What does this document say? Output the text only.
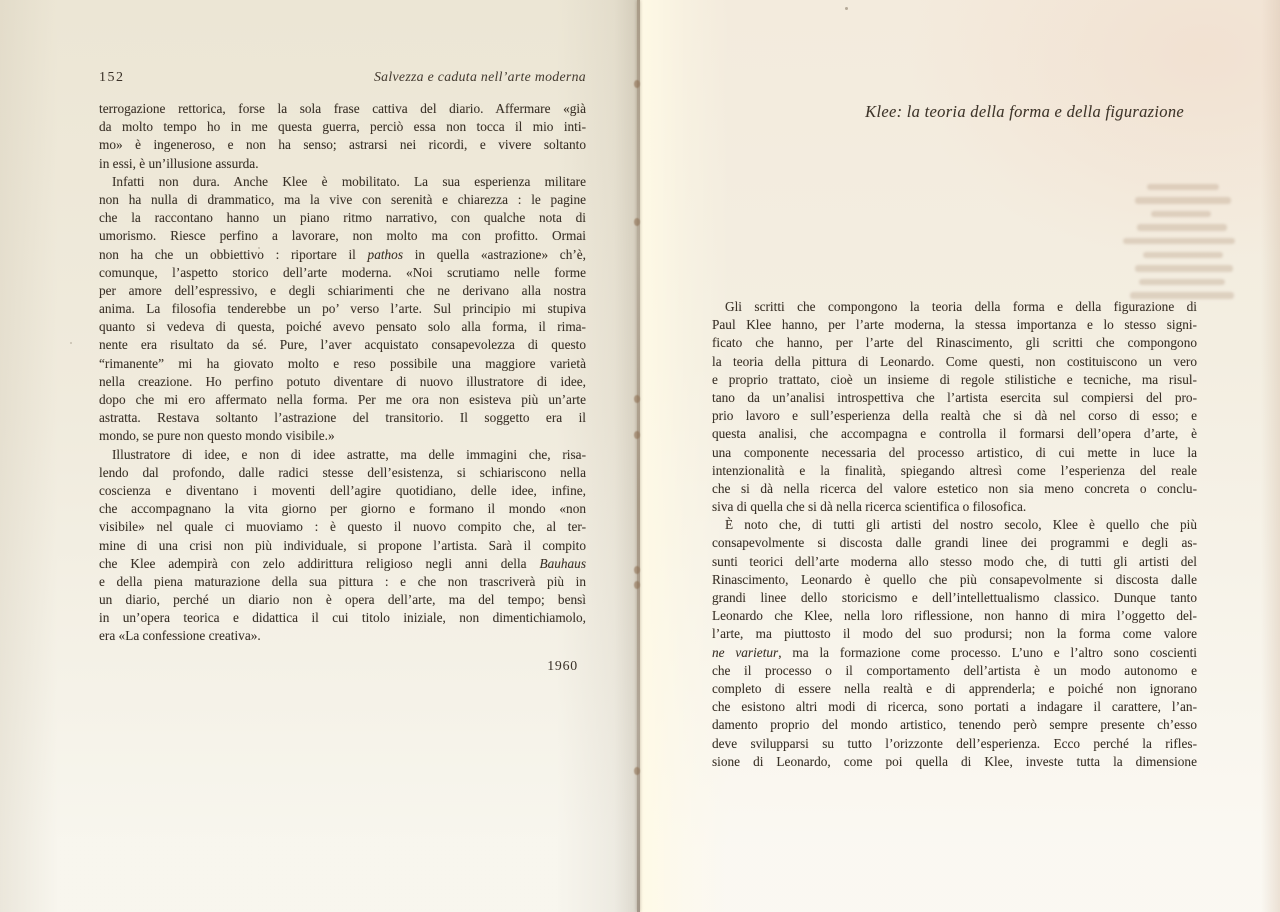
152	Salvezza e caduta nell’arte moderna
terrogazione rettorica, forse la sola frase cattiva del diario. Affermare «già
da molto tempo ho in me questa guerra, perciò essa non tocca il mio inti-
mo» è ingeneroso, e non ha senso; astrarsi nei ricordi, e vivere soltanto
in essi, è un’illusione assurda.
Infatti non dura. Anche Klee è mobilitato. La sua esperienza militare
non ha nulla di drammatico, ma la vive con serenità e chiarezza : le pagine
che la raccontano hanno un piano ritmo narrativo, con qualche nota di
umorismo. Riesce perfino a lavorare, non molto ma con profitto. Ormai
non ha che un obbiettivo : riportare il pathos in quella «astrazione» ch’è,
comunque, l’aspetto storico dell’arte moderna. «Noi scrutiamo nelle forme
per amore dell’espressivo, e degli schiarimenti che ne derivano alla nostra
anima. La filosofia tenderebbe un po’ verso l’arte. Sul principio mi stupiva
quanto si vedeva di questa, poiché avevo pensato solo alla forma, il rima-
nente era risultato da sé. Pure, l’aver acquistato consapevolezza di questo
“rimanente” mi ha giovato molto e reso possibile una maggiore varietà
nella creazione. Ho perfino potuto diventare di nuovo illustratore di idee,
dopo che mi ero affermato nella forma. Per me ora non esisteva più un’arte
astratta. Restava soltanto l’astrazione del transitorio. Il soggetto era il
mondo, se pure non questo mondo visibile.»
Illustratore di idee, e non di idee astratte, ma delle immagini che, risa-
lendo dal profondo, dalle radici stesse dell’esistenza, si schiariscono nella
coscienza e diventano i moventi dell’agire quotidiano, delle idee, infine,
che accompagnano la vita giorno per giorno e formano il mondo «non
visibile» nel quale ci muoviamo : è questo il nuovo compito che, al ter-
mine di una crisi non più individuale, si propone l’artista. Sarà il compito
che Klee adempirà con zelo addirittura religioso negli anni della Bauhaus
e della piena maturazione della sua pittura : e che non trascriverà più in
un diario, perché un diario non è opera dell’arte, ma del tempo; bensì
in un’opera teorica e didattica il cui titolo iniziale, non dimentichiamolo,
era «La confessione creativa».
1960
Klee: la teoria della forma e della figurazione
Gli scritti che compongono la teoria della forma e della figurazione di
Paul Klee hanno, per l’arte moderna, la stessa importanza e lo stesso signi-
ficato che hanno, per l’arte del Rinascimento, gli scritti che compongono
la teoria della pittura di Leonardo. Come questi, non costituiscono un vero
e proprio trattato, cioè un insieme di regole stilistiche e tecniche, ma risul-
tano da un’analisi introspettiva che l’artista esercita sul compiersi del pro-
prio lavoro e sull’esperienza della realtà che si dà nel corso di esso; e
questa analisi, che accompagna e controlla il formarsi dell’opera d’arte, è
una componente necessaria del processo artistico, di cui mette in luce la
intenzionalità e la finalità, spiegando altresì come l’esperienza del reale
che si dà nella ricerca del valore estetico non sia meno concreta o conclu-
siva di quella che si dà nella ricerca scientifica o filosofica.
È noto che, di tutti gli artisti del nostro secolo, Klee è quello che più
consapevolmente si discosta dalle grandi linee dei programmi e degli as-
sunti teorici dell’arte moderna allo stesso modo che, di tutti gli artisti del
Rinascimento, Leonardo è quello che più consapevolmente si discosta dalle
grandi linee dello storicismo e dell’intellettualismo classico. Dunque tanto
Leonardo che Klee, nella loro riflessione, non hanno di mira l’oggetto del-
l’arte, ma piuttosto il modo del suo prodursi; non la forma come valore
ne varietur, ma la formazione come processo. L’uno e l’altro sono coscienti
che il processo o il comportamento dell’artista è un modo autonomo e
completo di essere nella realtà e di apprenderla; e poiché non ignorano
che esistono altri modi di ricerca, sono portati a indagare il carattere, l’an-
damento proprio del mondo artistico, tenendo però sempre presente ch’esso
deve svilupparsi su tutto l’orizzonte dell’esperienza. Ecco perché la rifles-
sione di Leonardo, come poi quella di Klee, investe tutta la dimensione
